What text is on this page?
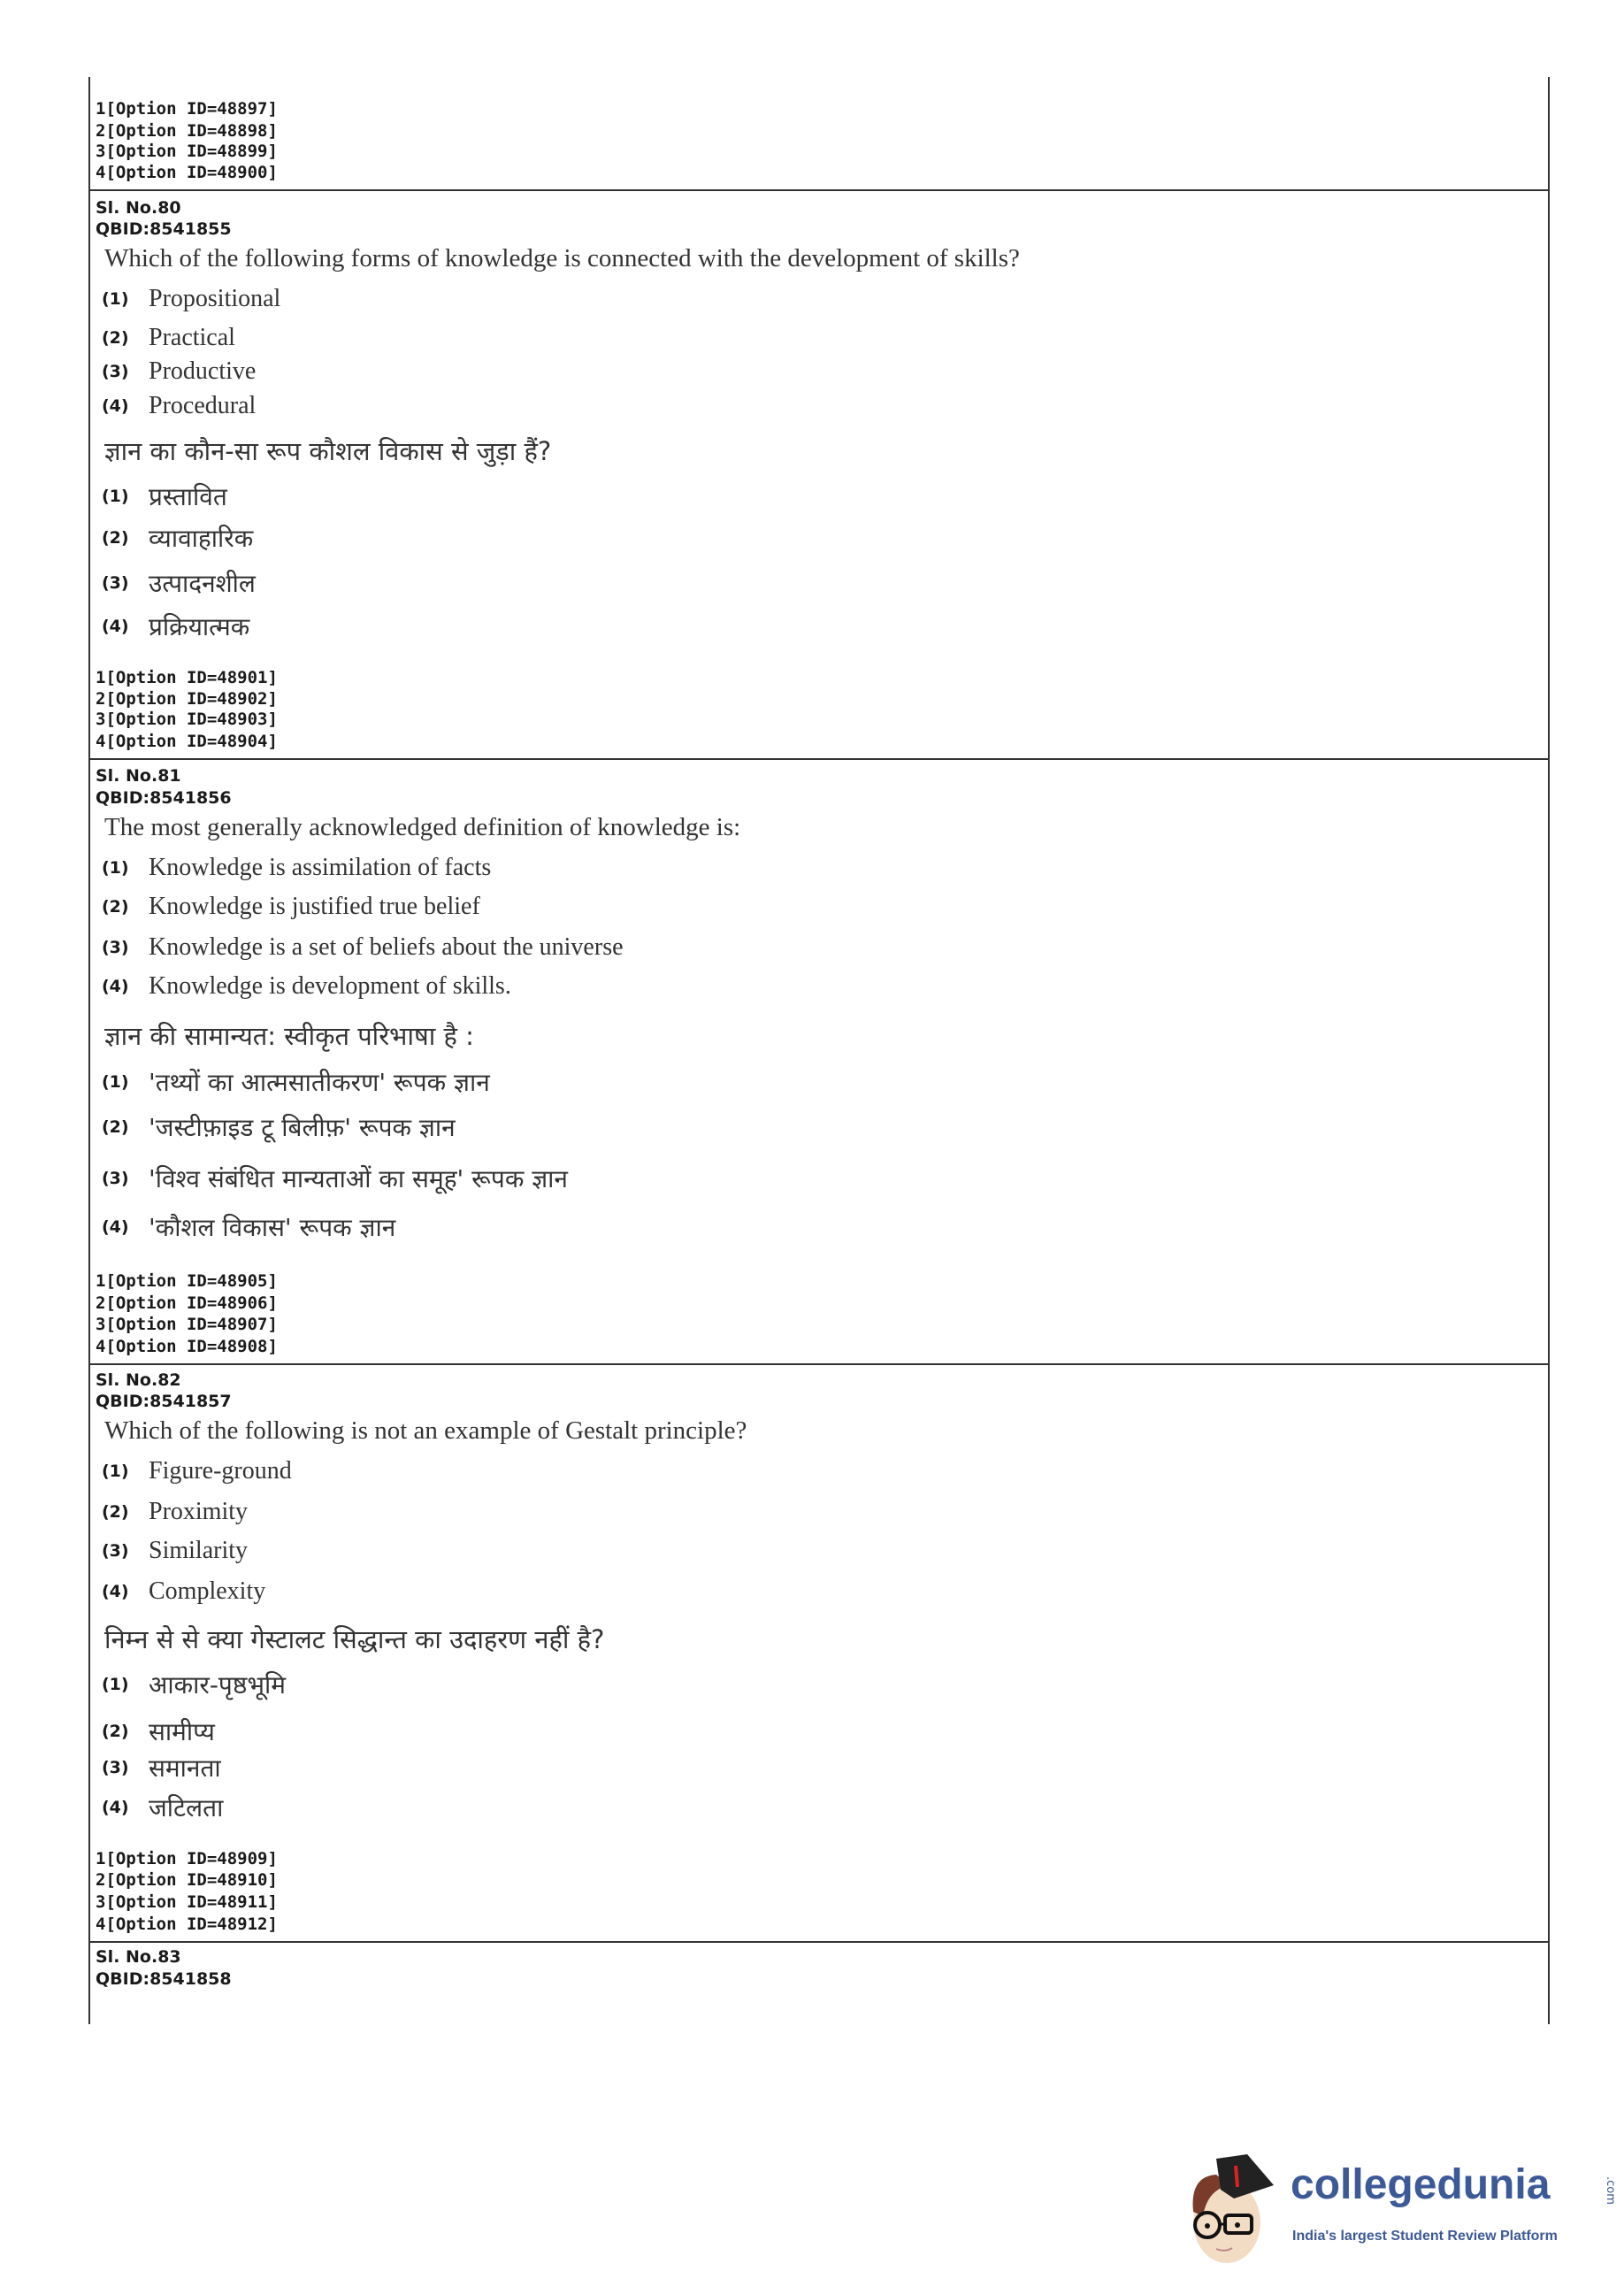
1[Option ID=48897]
2[Option ID=48898]
3[Option ID=48899]
4[Option ID=48900]
Sl. No.80
QBID:8541855
Which of the following forms of knowledge is connected with the development of skills?
(1) Propositional
(2) Practical
(3) Productive
(4) Procedural
ज्ञान का कौन-सा रूप कौशल विकास से जुड़ा हैं?
(1) प्रस्तावित
(2) व्यावाहारिक
(3) उत्पादनशील
(4) प्रक्रियात्मक
1[Option ID=48901]
2[Option ID=48902]
3[Option ID=48903]
4[Option ID=48904]
Sl. No.81
QBID:8541856
The most generally acknowledged definition of knowledge is:
(1) Knowledge is assimilation of facts
(2) Knowledge is justified true belief
(3) Knowledge is a set of beliefs about the universe
(4) Knowledge is development of skills.
ज्ञान की सामान्यत: स्वीकृत परिभाषा है :
(1) 'तथ्यों का आत्मसातीकरण' रूपक ज्ञान
(2) 'जस्टीफ़ाइड टू बिलीफ़' रूपक ज्ञान
(3) 'विश्व संबंधित मान्यताओं का समूह' रूपक ज्ञान
(4) 'कौशल विकास' रूपक ज्ञान
1[Option ID=48905]
2[Option ID=48906]
3[Option ID=48907]
4[Option ID=48908]
Sl. No.82
QBID:8541857
Which of the following is not an example of Gestalt principle?
(1) Figure-ground
(2) Proximity
(3) Similarity
(4) Complexity
निम्न से से क्या गेस्टालट सिद्धान्त का उदाहरण नहीं है?
(1) आकार-पृष्ठभूमि
(2) सामीप्य
(3) समानता
(4) जटिलता
1[Option ID=48909]
2[Option ID=48910]
3[Option ID=48911]
4[Option ID=48912]
Sl. No.83
QBID:8541858
collegedunia	.com
India's largest Student Review Platform
